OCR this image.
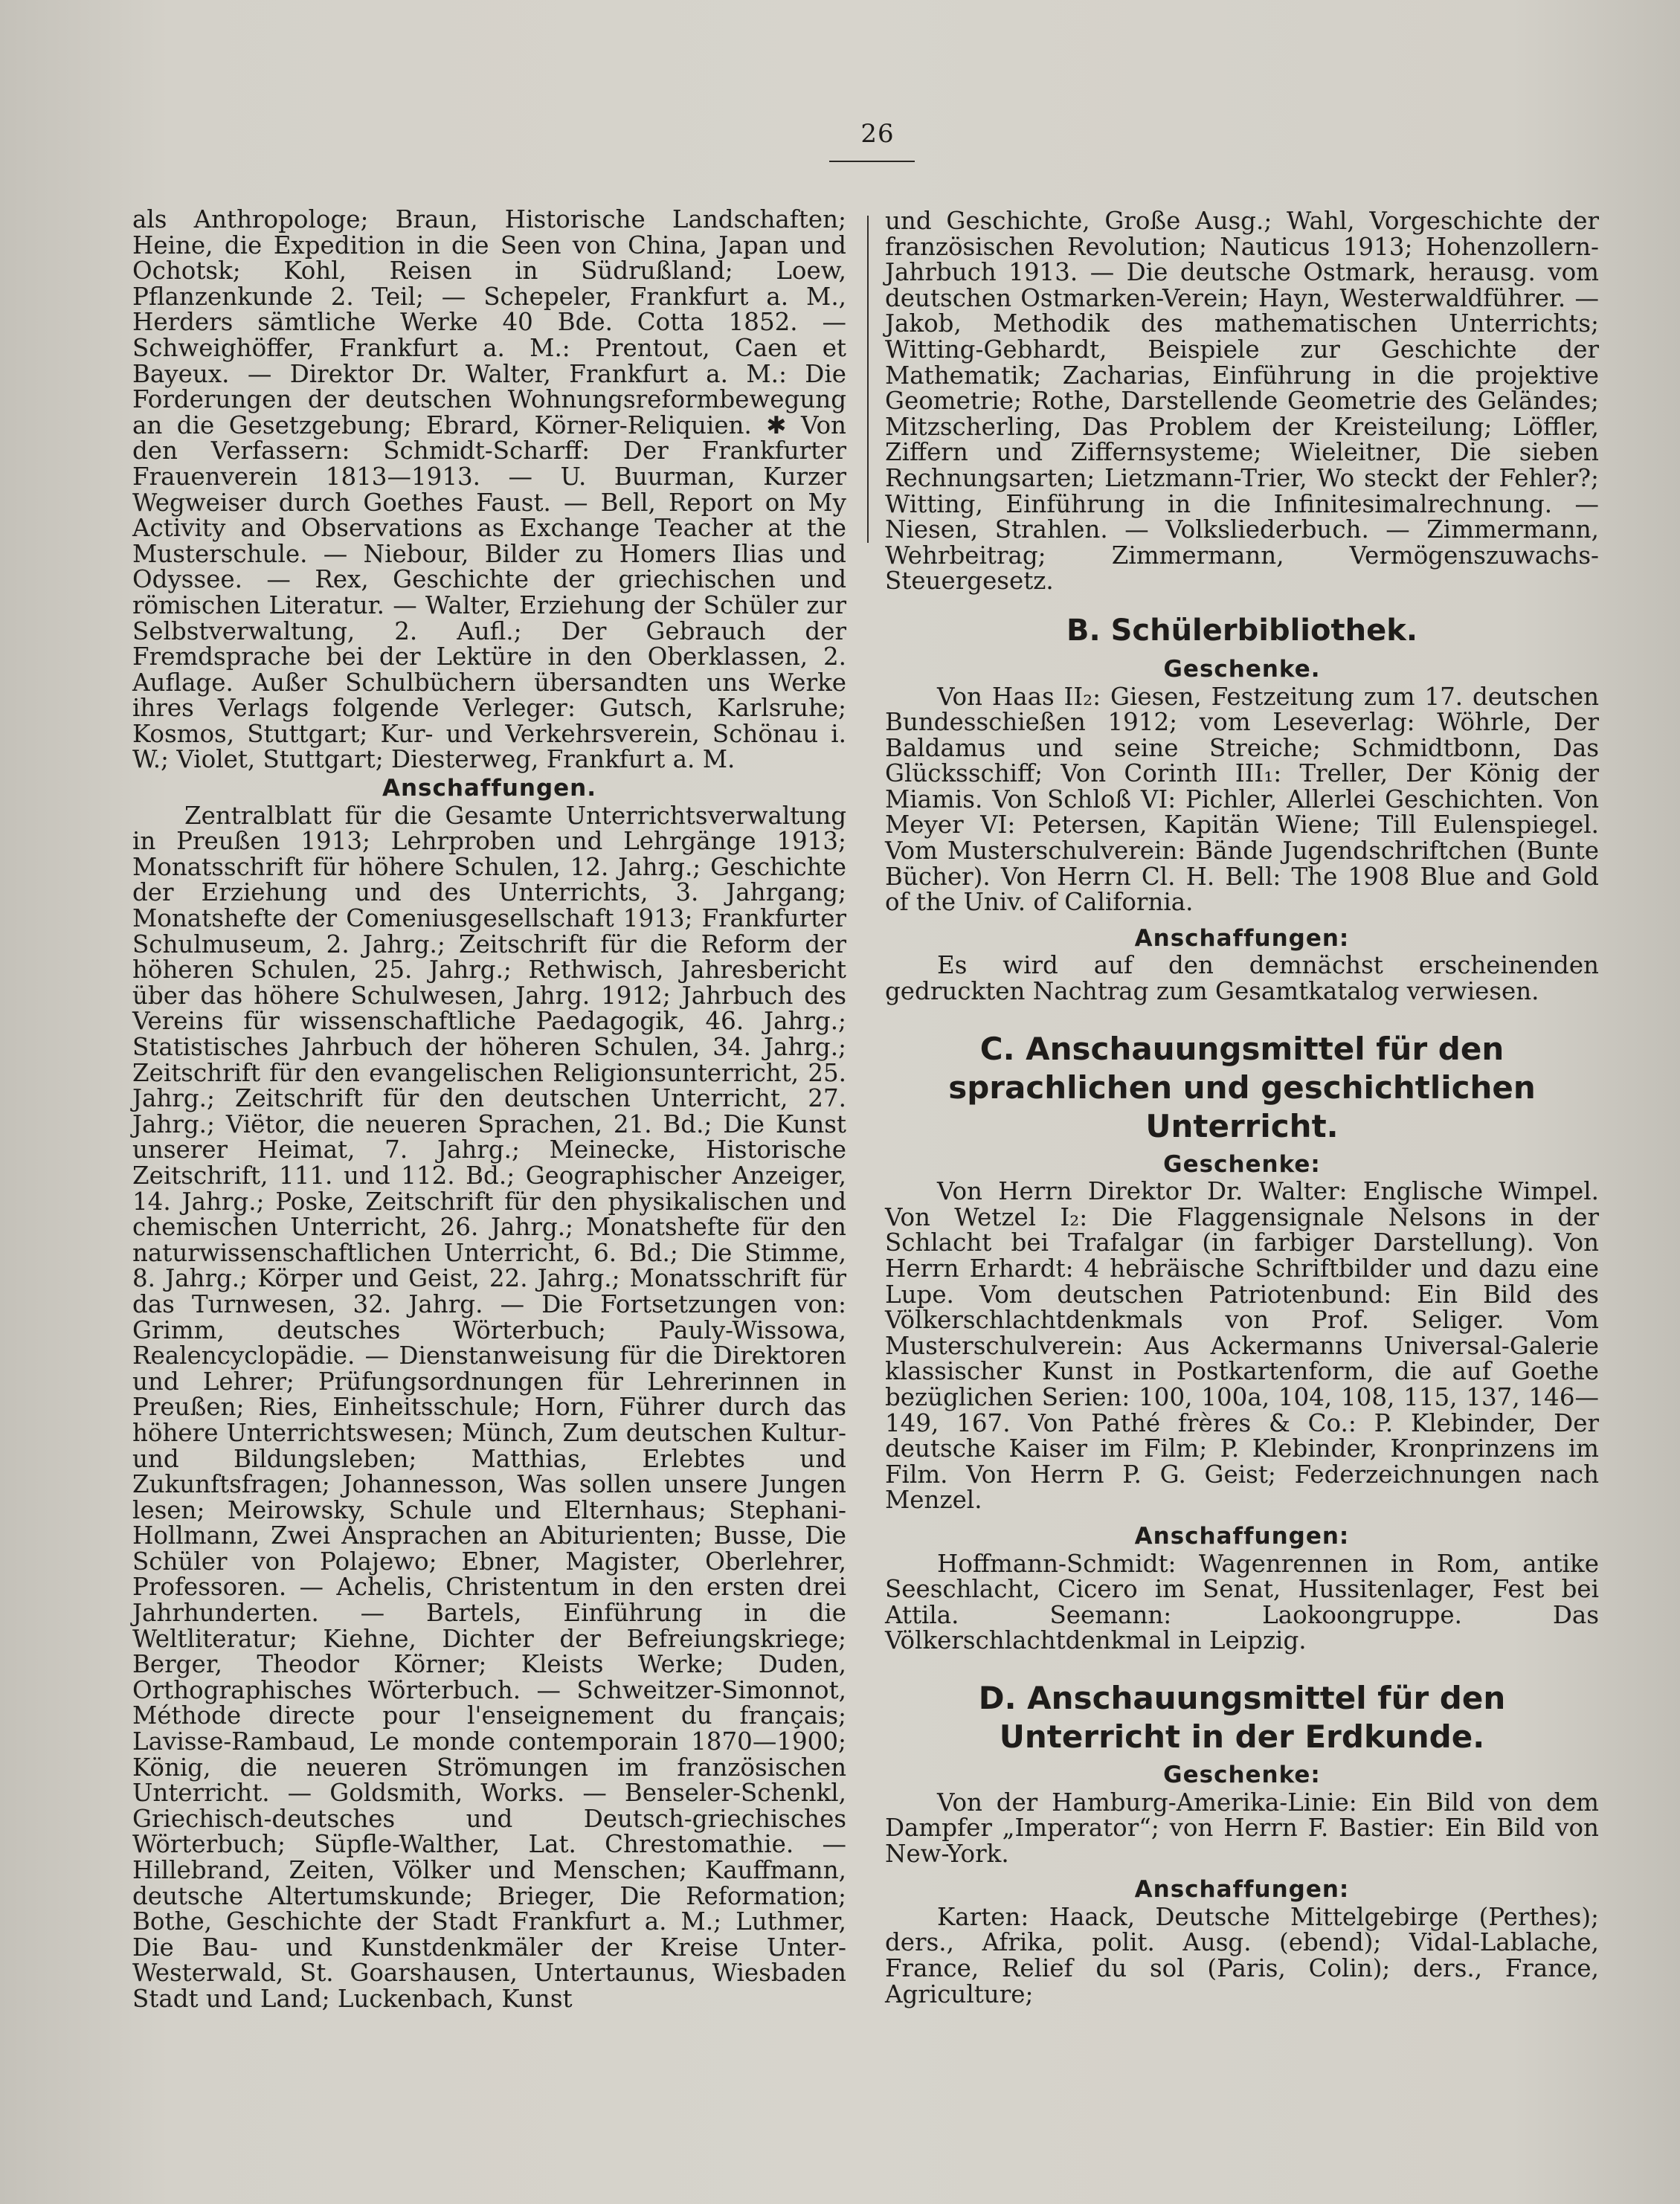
26

als Anthropologe; Braun, Historische Landschaften; Heine, die Expedition in die Seen von China, Japan und Ochotsk; Kohl, Reisen in Südrußland; Loew, Pflanzenkunde 2. Teil; — Schepeler, Frankfurt a. M., Herders sämtliche Werke 40 Bde. Cotta 1852. — Schweighöffer, Frankfurt a. M.: Prentout, Caen et Bayeux. — Direktor Dr. Walter, Frankfurt a. M.: Die Forderungen der deutschen Wohnungsreformbewegung an die Gesetzgebung; Ebrard, Körner-Reliquien. ✱ Von den Verfassern: Schmidt-Scharff: Der Frankfurter Frauenverein 1813—1913. — U. Buurman, Kurzer Wegweiser durch Goethes Faust. — Bell, Report on My Activity and Observations as Exchange Teacher at the Musterschule. — Niebour, Bilder zu Homers Ilias und Odyssee. — Rex, Geschichte der griechischen und römischen Literatur. — Walter, Erziehung der Schüler zur Selbstverwaltung, 2. Aufl.; Der Gebrauch der Fremdsprache bei der Lektüre in den Oberklassen, 2. Auflage. Außer Schulbüchern übersandten uns Werke ihres Verlags folgende Verleger: Gutsch, Karlsruhe; Kosmos, Stuttgart; Kur- und Verkehrsverein, Schönau i. W.; Violet, Stuttgart; Diesterweg, Frankfurt a. M.

Anschaffungen.

Zentralblatt für die Gesamte Unterrichtsverwaltung in Preußen 1913; Lehrproben und Lehrgänge 1913; Monatsschrift für höhere Schulen, 12. Jahrg.; Geschichte der Erziehung und des Unterrichts, 3. Jahrgang; Monatshefte der Comeniusgesellschaft 1913; Frankfurter Schulmuseum, 2. Jahrg.; Zeitschrift für die Reform der höheren Schulen, 25. Jahrg.; Rethwisch, Jahresbericht über das höhere Schulwesen, Jahrg. 1912; Jahrbuch des Vereins für wissenschaftliche Paedagogik, 46. Jahrg.; Statistisches Jahrbuch der höheren Schulen, 34. Jahrg.; Zeitschrift für den evangelischen Religionsunterricht, 25. Jahrg.; Zeitschrift für den deutschen Unterricht, 27. Jahrg.; Viëtor, die neueren Sprachen, 21. Bd.; Die Kunst unserer Heimat, 7. Jahrg.; Meinecke, Historische Zeitschrift, 111. und 112. Bd.; Geographischer Anzeiger, 14. Jahrg.; Poske, Zeitschrift für den physikalischen und chemischen Unterricht, 26. Jahrg.; Monatshefte für den naturwissenschaftlichen Unterricht, 6. Bd.; Die Stimme, 8. Jahrg.; Körper und Geist, 22. Jahrg.; Monatsschrift für das Turnwesen, 32. Jahrg. — Die Fortsetzungen von: Grimm, deutsches Wörterbuch; Pauly-Wissowa, Realencyclopädie. — Dienstanweisung für die Direktoren und Lehrer; Prüfungsordnungen für Lehrerinnen in Preußen; Ries, Einheitsschule; Horn, Führer durch das höhere Unterrichtswesen; Münch, Zum deutschen Kultur- und Bildungsleben; Matthias, Erlebtes und Zukunftsfragen; Johannesson, Was sollen unsere Jungen lesen; Meirowsky, Schule und Elternhaus; Stephani-Hollmann, Zwei Ansprachen an Abiturienten; Busse, Die Schüler von Polajewo; Ebner, Magister, Oberlehrer, Professoren. — Achelis, Christentum in den ersten drei Jahrhunderten. — Bartels, Einführung in die Weltliteratur; Kiehne, Dichter der Befreiungskriege; Berger, Theodor Körner; Kleists Werke; Duden, Orthographisches Wörterbuch. — Schweitzer-Simonnot, Méthode directe pour l'enseignement du français; Lavisse-Rambaud, Le monde contemporain 1870—1900; König, die neueren Strömungen im französischen Unterricht. — Goldsmith, Works. — Benseler-Schenkl, Griechisch-deutsches und Deutsch-griechisches Wörterbuch; Süpfle-Walther, Lat. Chrestomathie. — Hillebrand, Zeiten, Völker und Menschen; Kauffmann, deutsche Altertumskunde; Brieger, Die Reformation; Bothe, Geschichte der Stadt Frankfurt a. M.; Luthmer, Die Bau- und Kunstdenkmäler der Kreise Unter-Westerwald, St. Goarshausen, Untertaunus, Wiesbaden Stadt und Land; Luckenbach, Kunst

und Geschichte, Große Ausg.; Wahl, Vorgeschichte der französischen Revolution; Nauticus 1913; Hohenzollern-Jahrbuch 1913. — Die deutsche Ostmark, herausg. vom deutschen Ostmarken-Verein; Hayn, Westerwaldführer. — Jakob, Methodik des mathematischen Unterrichts; Witting-Gebhardt, Beispiele zur Geschichte der Mathematik; Zacharias, Einführung in die projektive Geometrie; Rothe, Darstellende Geometrie des Geländes; Mitzscherling, Das Problem der Kreisteilung; Löffler, Ziffern und Ziffernsysteme; Wieleitner, Die sieben Rechnungsarten; Lietzmann-Trier, Wo steckt der Fehler?; Witting, Einführung in die Infinitesimalrechnung. — Niesen, Strahlen. — Volksliederbuch. — Zimmermann, Wehrbeitrag; Zimmermann, Vermögenszuwachs-Steuergesetz.

B. Schülerbibliothek.
Geschenke.

Von Haas II₂: Giesen, Festzeitung zum 17. deutschen Bundesschießen 1912; vom Leseverlag: Wöhrle, Der Baldamus und seine Streiche; Schmidtbonn, Das Glücksschiff; Von Corinth III₁: Treller, Der König der Miamis. Von Schloß VI: Pichler, Allerlei Geschichten. Von Meyer VI: Petersen, Kapitän Wiene; Till Eulenspiegel. Vom Musterschulverein: Bände Jugendschriftchen (Bunte Bücher). Von Herrn Cl. H. Bell: The 1908 Blue and Gold of the Univ. of California.

Anschaffungen:

Es wird auf den demnächst erscheinenden gedruckten Nachtrag zum Gesamtkatalog verwiesen.

C. Anschauungsmittel für den sprachlichen und geschichtlichen Unterricht.
Geschenke:

Von Herrn Direktor Dr. Walter: Englische Wimpel. Von Wetzel I₂: Die Flaggensignale Nelsons in der Schlacht bei Trafalgar (in farbiger Darstellung). Von Herrn Erhardt: 4 hebräische Schriftbilder und dazu eine Lupe. Vom deutschen Patriotenbund: Ein Bild des Völkerschlachtdenkmals von Prof. Seliger. Vom Musterschulverein: Aus Ackermanns Universal-Galerie klassischer Kunst in Postkartenform, die auf Goethe bezüglichen Serien: 100, 100a, 104, 108, 115, 137, 146—149, 167. Von Pathé frères & Co.: P. Klebinder, Der deutsche Kaiser im Film; P. Klebinder, Kronprinzens im Film. Von Herrn P. G. Geist; Federzeichnungen nach Menzel.

Anschaffungen:

Hoffmann-Schmidt: Wagenrennen in Rom, antike Seeschlacht, Cicero im Senat, Hussitenlager, Fest bei Attila. Seemann: Laokoongruppe. Das Völkerschlachtdenkmal in Leipzig.

D. Anschauungsmittel für den Unterricht in der Erdkunde.
Geschenke:

Von der Hamburg-Amerika-Linie: Ein Bild von dem Dampfer „Imperator“; von Herrn F. Bastier: Ein Bild von New-York.

Anschaffungen:

Karten: Haack, Deutsche Mittelgebirge (Perthes); ders., Afrika, polit. Ausg. (ebend); Vidal-Lablache, France, Relief du sol (Paris, Colin); ders., France, Agriculture;
